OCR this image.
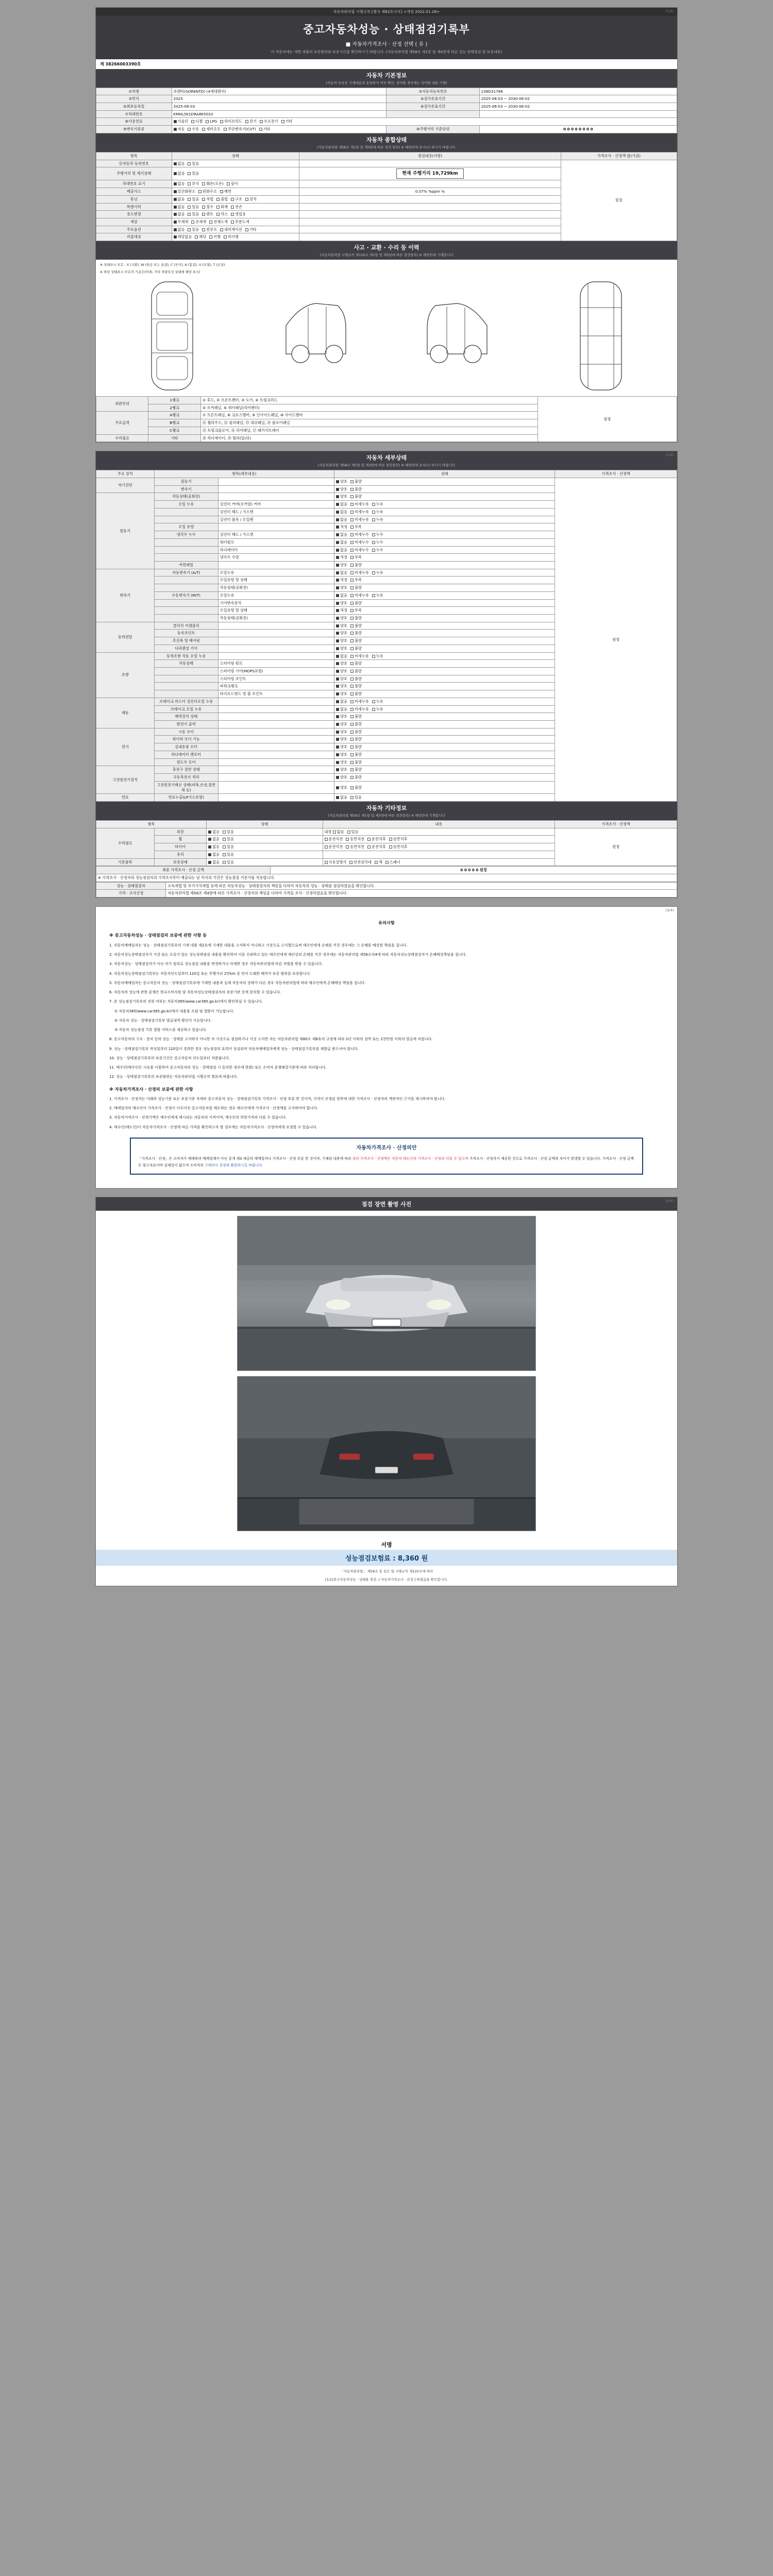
(1/4)
자동차관리법 시행규칙 [별지 제82호서식] <개정 2022.01.28>
중고자동차성능 · 상태점검기록부
■ 자동차가격조사 · 산정 선택 ( 유 )
이 자동차에는 개별 제출의 보증범위와 보증기간을 확인하시기 바랍니다. (자동차관리법 제58조 제1항 및 제4항에 따른 성능·상태점검 및 보증내용)
제 38266003390호
자동차 기본정보
(자동차 등록증 기재내용과 동일한지 여부 확인. 상이할 경우에는 상이한 내용 기재)
①차명	쏘렌타(SORENTO) (4세대렌지)	②자동차등록번호	236D31788
③연식	2025	④검사유효기간	2025-06-03 ~ 2030-06-02
⑤최초등록일	2025-06-03	⑥검사유효기간	2025-06-03 ~ 2030-06-02
⑦차대번호	KMHL5K1DRA8K5010		
⑧사용연료	가솔린 디젤 LPG 하이브리드 전기 수소전기 기타		
⑨변속기종류	자동 수동 세미오토 무단변속기(CVT) 기타	⑩주행거리 기준단위	0 0 0 0 0 0 0 0
자동차 종합상태
(자동차관리법 제58조 제1항 및 제3항에 따른 점검 항목) ※ 해당란에 표시(√) 하시기 바랍니다.
항목	상태	점검내용(사항)	가격조사 · 산정액 합(가감)
⑪자동차 등록번호	없음 있음		원정
주행거리 및 계기상태	없음 있음	현재 주행거리 19,729km	
차대번호 표기	없음 부식 훼손(오손) 상이		
배출가스	일산화탄소 탄화수소 매연	0.07% %ppm %	
튜닝	없음 있음 적법 불법 구조 장치		
특별이력	없음 있음 침수 화재 전손		
용도변경	없음 있음 렌트 리스 영업용		
색상	무채색 유채색 전체도색 부분도색		
주요옵션	없음 있음 썬루프 내비게이션 기타		
리콜대상	해당없음 해당 이행 미이행		
사고 · 교환 · 수리 등 이력
(자동차관리법 시행규칙 제120조 제1항 및 제3항에 따른 점검항목) ※ 해당란에 기재합니다
※ 상태표시 부호 : X (교환), W (판금 또는 용접), C (부식), A (흠집), U (요철), T (손상)
※ 하단 상태표시 부호의 기준은(아래, 기타 차량특성 상태에 해당 표시)
외판부위	1랭크	① 후드, ② 프론트펜더, ③ 도어, ④ 트렁크리드	원정
	2랭크	⑤ 로커패널, ⑥ 쿼터패널(리어펜더)	
주요골격	A랭크	⑦ 프론트패널, ⑧ 크로스멤버, ⑨ 인사이드패널, ⑩ 사이드멤버	
	B랭크	⑪ 휠하우스, ⑫ 필러패널, ⑬ 대쉬패널, ⑭ 플로어패널	
	C랭크	⑮ 트렁크플로어, ⑯ 리어패널, ⑰ 패키지트레이	
수리필요	기타	⑱ 라디에이터, ⑲ 범퍼(앞/뒤)	
(2/4)
자동차 세부상태
(자동차관리법 제58조 제1항 및 제3항에 따른 점검항목) ※ 해당란에 표시(√) 하시기 바랍니다
주요 장치	항목(세부내용)		상태	가격조사 · 산정액
자기진단	원동기		양호 불량	원정
	변속기		양호 불량	
원동기	작동상태(공회전)		양호 불량	
	오일 누유	실린더 커버(로커암) 커버	없음 미세누유 누유	
		실린더 헤드 / 가스켓	없음 미세누유 누유	
		실린더 블록 / 오일팬	없음 미세누유 누유	
	오일 유량		적정 부족	
	냉각수 누수	실린더 헤드 / 가스켓	없음 미세누수 누수	
		워터펌프	없음 미세누수 누수	
		라디에이터	없음 미세누수 누수	
		냉각수 수량	적정 부족	
	커먼레일		양호 불량	
변속기	자동변속기 (A/T)	오일누유	없음 미세누유 누유	
		오일유량 및 상태	적정 부족	
		작동상태(공회전)	양호 불량	
	수동변속기 (M/T)	오일누유	없음 미세누유 누유	
		기어변속장치	양호 불량	
		오일유량 및 상태	적정 부족	
		작동상태(공회전)	양호 불량	
동력전달	클러치 어셈블리		양호 불량	
	등속조인트		양호 불량	
	추진축 및 베어링		양호 불량	
	디퍼렌셜 기어		양호 불량	
조향	동력조향 작동 오일 누유		없음 미세누유 누유	
	작동상태	스티어링 펌프	양호 불량	
		스티어링 기어(MDPS포함)	양호 불량	
		스티어링 조인트	양호 불량	
		파워크랭크	양호 불량	
		타이로드엔드 및 볼 조인트	양호 불량	
제동	브레이크 마스터 실린더오일 누유		없음 미세누유 누유	
	브레이크 오일 누유		없음 미세누유 누유	
	배력장치 상태		양호 불량	
	발전기 출력		양호 불량	
전기	시동 모터		양호 불량	
	와이퍼 모터 기능		양호 불량	
	실내송풍 모터		양호 불량	
	라디에이터 팬모터		양호 불량	
	윈도우 모터		양호 불량	
고전원전기장치	충전구 절연 상태		양호 불량	
	구동축전지 격리		양호 불량	
	고전원전기배선 상태(피복,손상,절연체 등)		양호 불량	
연료	연료누출(LP가스포함)		없음 있음	
자동차 기타정보
(자동차관리법 제58조 제1항 및 제3항에 따른 점검항목) ※ 해당란에 기재합니다
항목		상태	내용	가격조사 · 산정액
수리필요	외장	없음 있음	내장 없음 있음	원정
	휠	없음 있음	운전석전 동반석전 운전석후 동반석후	
	타이어	없음 있음	운전석전 동반석전 운전석후 동반석후	
	유리	없음 있음		
기본품목	보유상태	없음 있음	사용설명서 안전삼각대 잭 스패너	
최종 가격조사 · 산정 금액	0 0 0 0 0 원정
※ 가격조사 · 산정자의 성능점검자의 가격조사부터 제출되는 날 까지의 기간은 성능점검 기준가를 적용합니다.
성능 · 상태점검자	소득세법 및 부가가치세법 등에 따른 자동차성능 · 상태점검자의 책임을 다하여 자동차의 성능 · 상태를 점검하였음을 확인합니다.
가격 · 조사산정	자동차관리법 제58조 제4항에 따른 가격조사 · 산정자의 책임을 다하여 가격을 조사 · 산정하였음을 확인합니다.
(3/4)
유의사항
※ 중고자동차성능 · 상태점검의 보증에 관한 사항 등

1. 자동차매매업자는 성능 · 상태점검기록부의 기재 내용 제2호에 기재한 내용을 고지하지 아니하고 거짓으로 고지했으로써 매수인에게 손해를 끼친 경우에는 그 손해를 배상할 책임을 집니다.

2. 자동차성능상태점검자가 거짓 또는 오류가 있는 성능상태점검 내용을 확인하여 이를 신뢰하고 있는 매수인에게 재산상의 손해를 끼친 경우에는 자동차관리법 제58조의4에 따라 자동차성능상태점검자가 손해배상책임을 집니다.

3. 자동차성능 · 상태점검자가 아닌 자가 임의로 성능점검 내용을 변경하거나 삭제한 경우 자동차관리법에 따른 처벌을 받을 수 있습니다.

4. 자동차성능상태점검기록부는 자동차인도일부터 120일 또는 주행거리 2만km 중 먼저 도래한 때까지 보증 범위를 보증합니다.

5. 자동차매매업자는 중고자동차 성능 · 상태점검기록부에 기재한 내용과 실제 자동차의 상태가 다른 경우 자동차관리법에 따라 매수인에게 손해배상 책임을 집니다.

6. 자동차의 성능에 관한 분쟁은 한국소비자원 및 자동차성능상태점검자의 보증기관 등에 문의할 수 있습니다.

7. 본 성능점검기록부의 진위 여부는 자동차365(www.car365.go.kr)에서 확인하실 수 있습니다.

① 자동차365(www.car365.go.kr)에서 내용을 조회 및 열람이 가능합니다.

② 자동차 성능 · 상태점검기록부 발급내역 확인이 가능합니다.

③ 자동차 성능점검 기록 열람 서비스를 제공하고 있습니다.

8. 중고자동차의 구조 · 장치 등의 성능 · 상태를 고지하지 아니한 자 거짓으로 점검하거나 거짓 고지한 자는 자동차관리법 제80조 제8호의 규정에 따라 2년 이하의 징역 또는 2천만원 이하의 벌금에 처합니다.

9. 성능 · 상태점검기록부 작성일부터 120일이 경과한 경우 성능점검의 효력이 상실되며 자동차매매업자에게 성능 · 상태점검기록부를 재발급 받으셔야 합니다.

10. 성능 · 상태점검기록부의 보증기간은 중고자동차 인도일부터 적용됩니다.

11. 매수인(매수인은 시승을 이용하여 중고자동차의 성능 · 상태점검 시 동의한 경우에 한함) 또는 소비자 분쟁해결기준에 따라 처리됩니다.

12. 성능 · 상태점검기록부의 보증범위는 자동차관리법 시행규칙 별표에 따릅니다.

※ 자동차가격조사 · 산정의 보증에 관한 사항

1. 가격조사 · 산정자는 이래의 성능기준 또는 보증기준 자세히 중고자동차 성능 · 상태점검기록부 가격조사 · 산정 부분 한 것이며, 가격이 산정된 항목에 대한 가격조사 · 산정자의 객관적인 근거를 제시하여야 합니다.

2. 매매업자의 매수인이 가격조사 · 산정이 이루어진 중고자동차를 매도하는 경우 매수인에게 가격조사 · 산정액을 고지하여야 합니다.

3. 자동차가격조사 · 산정가액은 매수인에게 제시되는 자동차의 가격이며, 매수인의 희망가격과 다를 수 있습니다.

4. 매수인(매도인)이 자동차가격조사 · 산정에 따른 가격을 확인하고자 할 경우에는 자동차가격조사 · 산정자에게 요청할 수 있습니다.

자동차가격조사 · 산정의안
「가격조사 · 산정」은 소비자가 매매하려 매매업체가 아닌 중개 제3 제공의 매매업자나 가격조사 · 산정 부분 한 것이며, 기재된 내용에 따라 권리 가격조사 · 산정액은 자동차 매도인의 가격조사 · 산정과 다를 수 있으며 가격조사 · 산정자가 제공한 것으로 가격조사 · 산정 금액과 차이가 발생할 수 있습니다. 가격조사 · 산정 금액은 참고자료이며 강제성이 없으며 소비자의 구매의사 결정에 활용하시길 바랍니다.
(4/4)
점검 장면 촬영 사진
서명
성능점검보험료 : 8,360 원
「자동차관리법」 제58조 및 같은 법 시행규칙 제120조에 따라
[1/1]중고자동차성능 · 상태를 점검, [ 자동차가격조사 · 산정 ] 하였음을 확인합니다.
